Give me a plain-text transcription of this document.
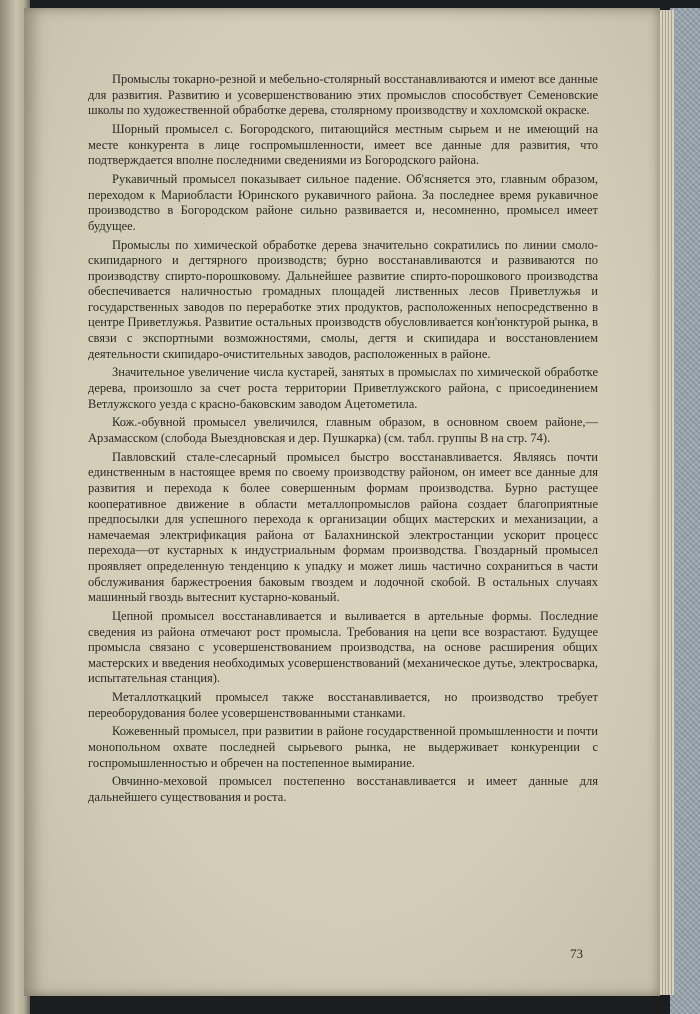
Промыслы токарно-резной и мебельно-столярный восстанавливаются и имеют все данные для развития. Развитию и усовершенствованию этих промыслов способствует Семеновские школы по художественной обработке дерева, столярному производству и хохломской окраске.

Шорный промысел с. Богородского, питающийся местным сырьем и не имеющий на месте конкурента в лице госпромышленности, имеет все данные для развития, что подтверждается вполне последними сведениями из Богородского района.

Рукавичный промысел показывает сильное падение. Об'ясняется это, главным образом, переходом к Мариобласти Юринского рукавичного района. За последнее время рукавичное производство в Богородском районе сильно развивается и, несомненно, промысел имеет будущее.

Промыслы по химической обработке дерева значительно сократились по линии смоло-скипидарного и дегтярного производств; бурно восстанавливаются и развиваются по производству спирто-порошковому. Дальнейшее развитие спирто-порошкового производства обеспечивается наличностью громадных площадей лиственных лесов Приветлужья и государственных заводов по переработке этих продуктов, расположенных непосредственно в центре Приветлужья. Развитие остальных производств обусловливается кон'юнктурой рынка, в связи с экспортными возможностями, смолы, дегтя и скипидара и восстановлением деятельности скипидаро-очистительных заводов, расположенных в районе.

Значительное увеличение числа кустарей, занятых в промыслах по химической обработке дерева, произошло за счет роста территории Приветлужского района, с присоединением Ветлужского уезда с красно-баковским заводом Ацетометила.

Кож.-обувной промысел увеличился, главным образом, в основном своем районе,—Арзамасском (слобода Выездновская и дер. Пушкарка) (см. табл. группы В на стр. 74).

Павловский стале-слесарный промысел быстро восстанавливается. Являясь почти единственным в настоящее время по своему производству районом, он имеет все данные для развития и перехода к более совершенным формам производства. Бурно растущее кооперативное движение в области металлопромыслов района создает благоприятные предпосылки для успешного перехода к организации общих мастерских и механизации, а намечаемая электрификация района от Балахнинской электростанции ускорит процесс перехода—от кустарных к индустриальным формам производства. Гвоздарный промысел проявляет определенную тенденцию к упадку и может лишь частично сохраниться в части обслуживания баржестроения баковым гвоздем и лодочной скобой. В остальных случаях машинный гвоздь вытеснит кустарно-кованый.

Цепной промысел восстанавливается и выливается в артельные формы. Последние сведения из района отмечают рост промысла. Требования на цепи все возрастают. Будущее промысла связано с усовершенствованием производства, на основе расширения общих мастерских и введения необходимых усовершенствований (механическое дутье, электросварка, испытательная станция).

Металлоткацкий промысел также восстанавливается, но производство требует переоборудования более усовершенствованными станками.

Кожевенный промысел, при развитии в районе государственной промышленности и почти монопольном охвате последней сырьевого рынка, не выдерживает конкуренции с госпромышленностью и обречен на постепенное вымирание.

Овчинно-меховой промысел постепенно восстанавливается и имеет данные для дальнейшего существования и роста.

73
